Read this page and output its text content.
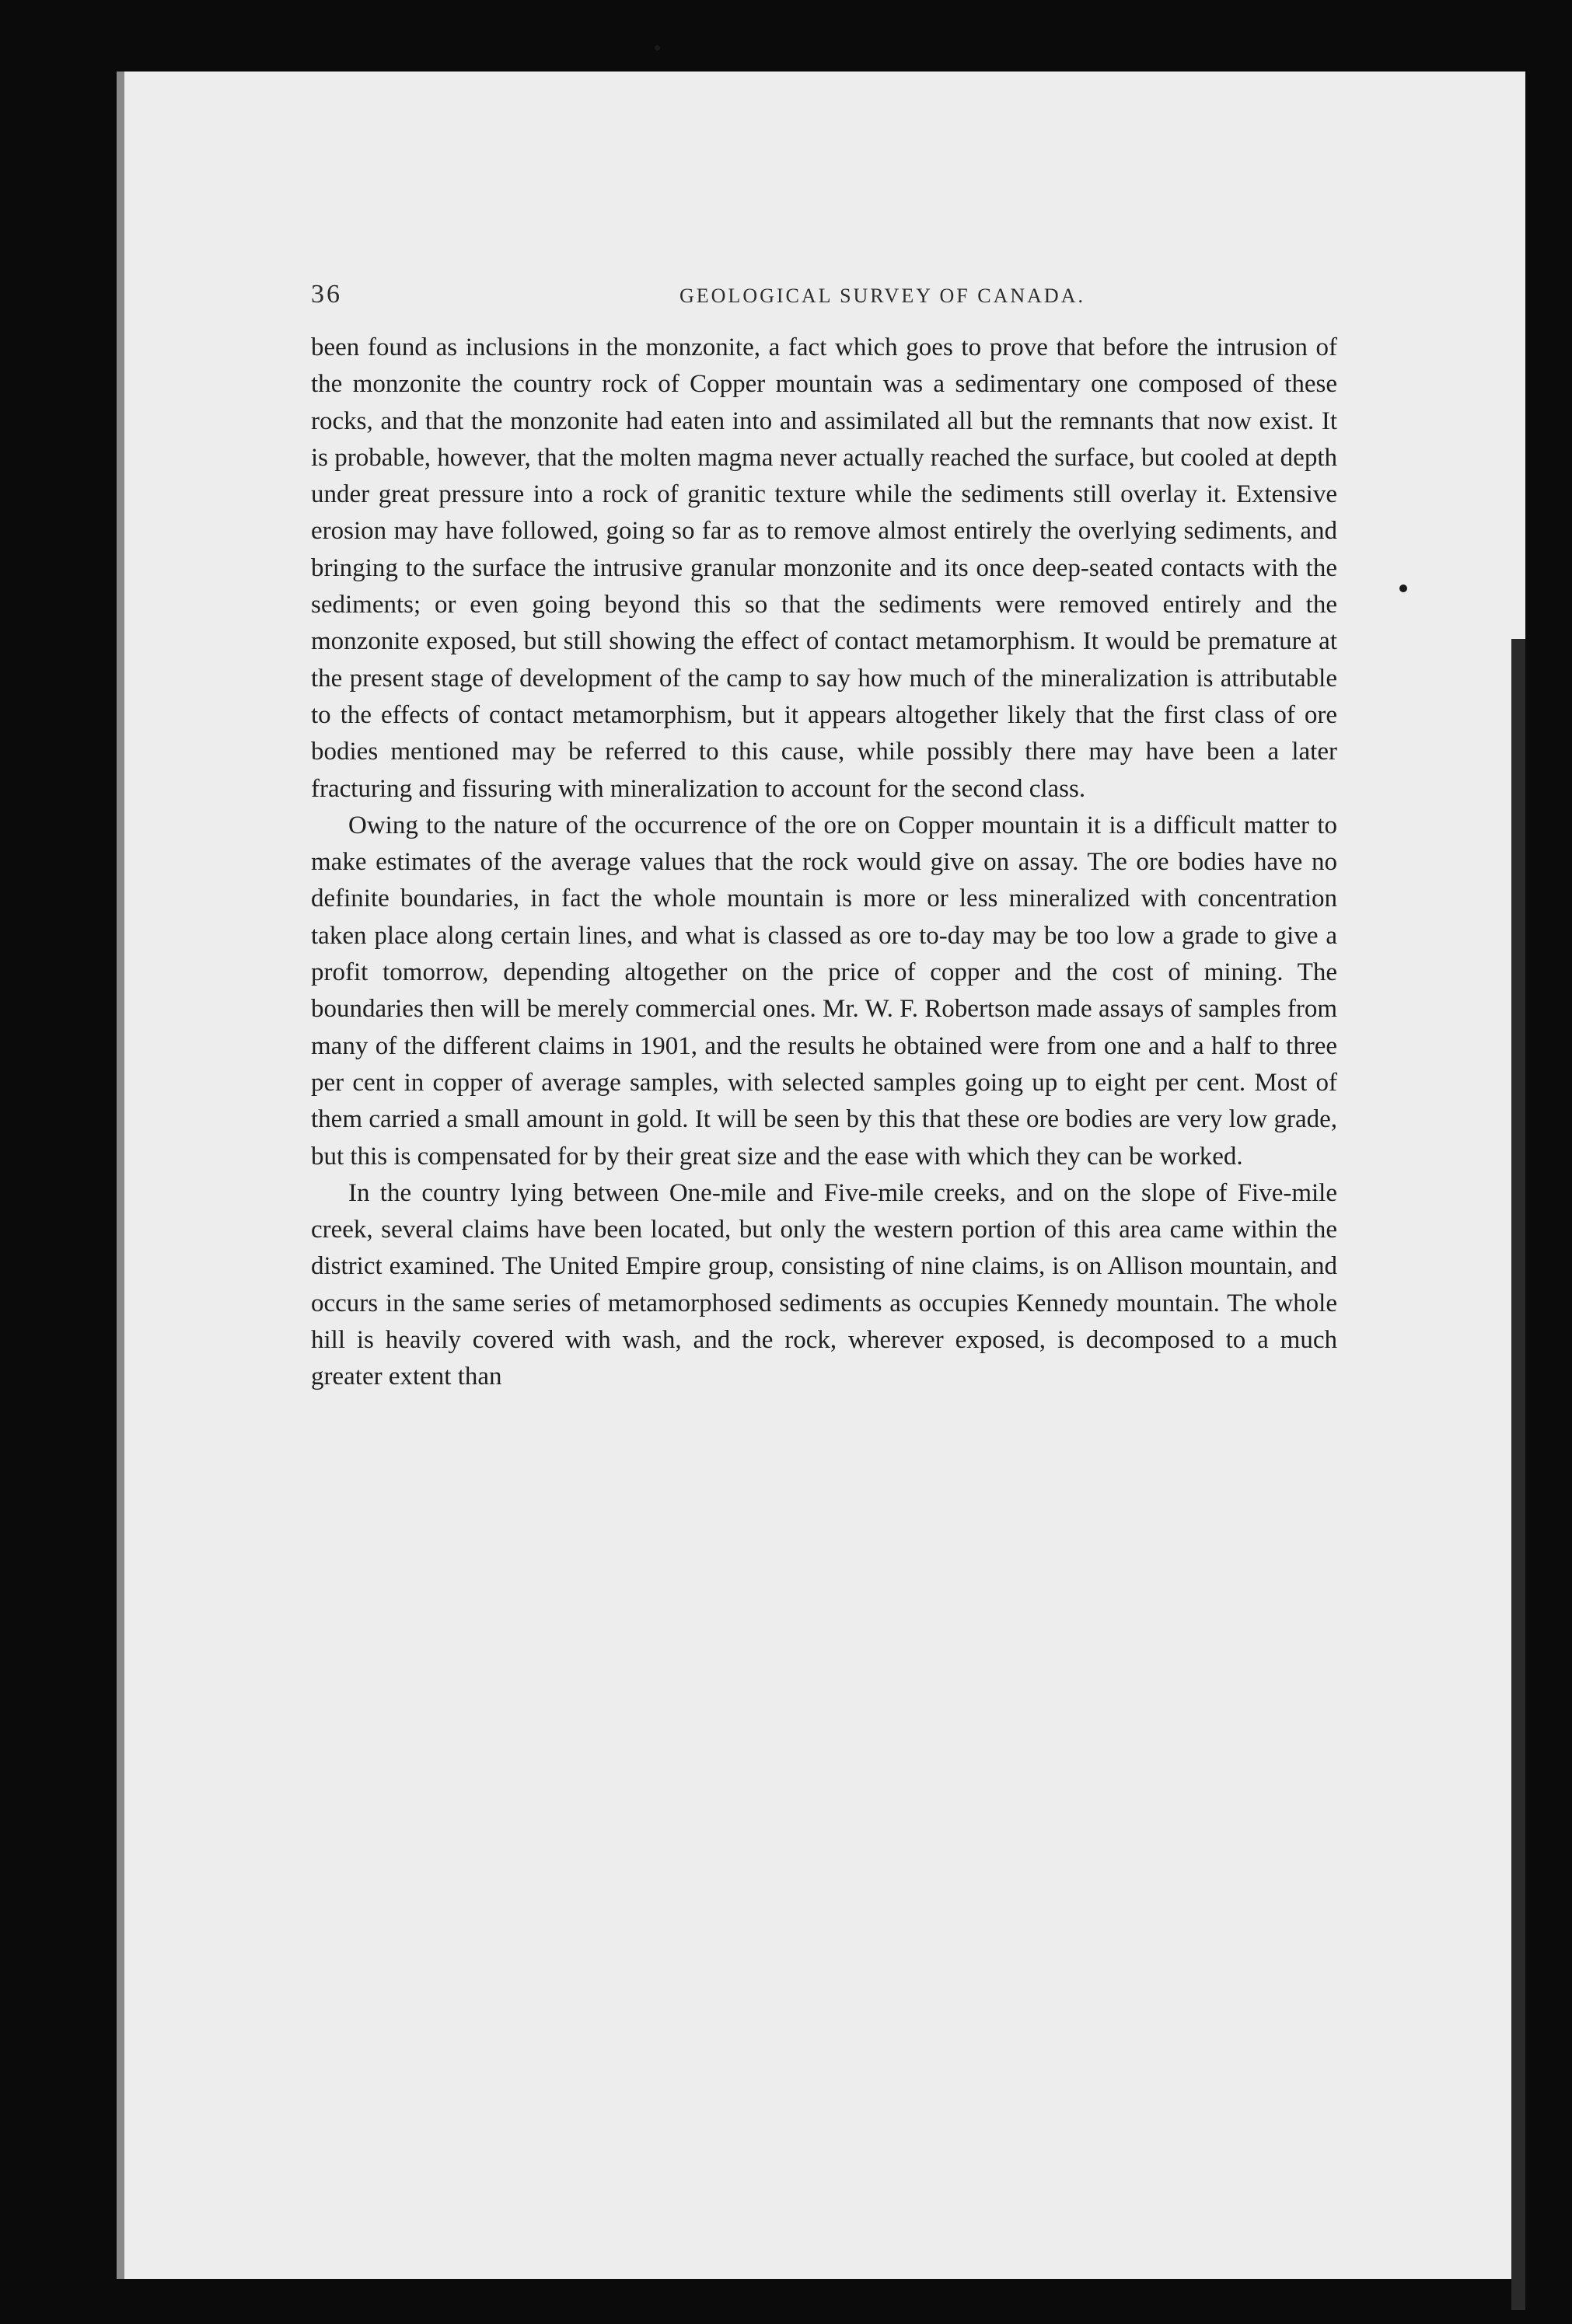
36	GEOLOGICAL SURVEY OF CANADA.

been found as inclusions in the monzonite, a fact which goes to prove that before the intrusion of the monzonite the country rock of Copper mountain was a sedimentary one composed of these rocks, and that the monzonite had eaten into and assimilated all but the remnants that now exist. It is probable, however, that the molten magma never actually reached the surface, but cooled at depth under great pressure into a rock of granitic texture while the sediments still overlay it. Extensive erosion may have followed, going so far as to remove almost entirely the overlying sediments, and bringing to the surface the intrusive granular monzonite and its once deep-seated contacts with the sediments; or even going beyond this so that the sediments were removed entirely and the monzonite exposed, but still showing the effect of contact metamorphism. It would be premature at the present stage of development of the camp to say how much of the mineralization is attributable to the effects of contact metamorphism, but it appears altogether likely that the first class of ore bodies mentioned may be referred to this cause, while possibly there may have been a later fracturing and fissuring with mineralization to account for the second class.

Owing to the nature of the occurrence of the ore on Copper mountain it is a difficult matter to make estimates of the average values that the rock would give on assay. The ore bodies have no definite boundaries, in fact the whole mountain is more or less mineralized with concentration taken place along certain lines, and what is classed as ore to-day may be too low a grade to give a profit tomorrow, depending altogether on the price of copper and the cost of mining. The boundaries then will be merely commercial ones. Mr. W. F. Robertson made assays of samples from many of the different claims in 1901, and the results he obtained were from one and a half to three per cent in copper of average samples, with selected samples going up to eight per cent. Most of them carried a small amount in gold. It will be seen by this that these ore bodies are very low grade, but this is compensated for by their great size and the ease with which they can be worked.

In the country lying between One-mile and Five-mile creeks, and on the slope of Five-mile creek, several claims have been located, but only the western portion of this area came within the district examined. The United Empire group, consisting of nine claims, is on Allison mountain, and occurs in the same series of metamorphosed sediments as occupies Kennedy mountain. The whole hill is heavily covered with wash, and the rock, wherever exposed, is decomposed to a much greater extent than
